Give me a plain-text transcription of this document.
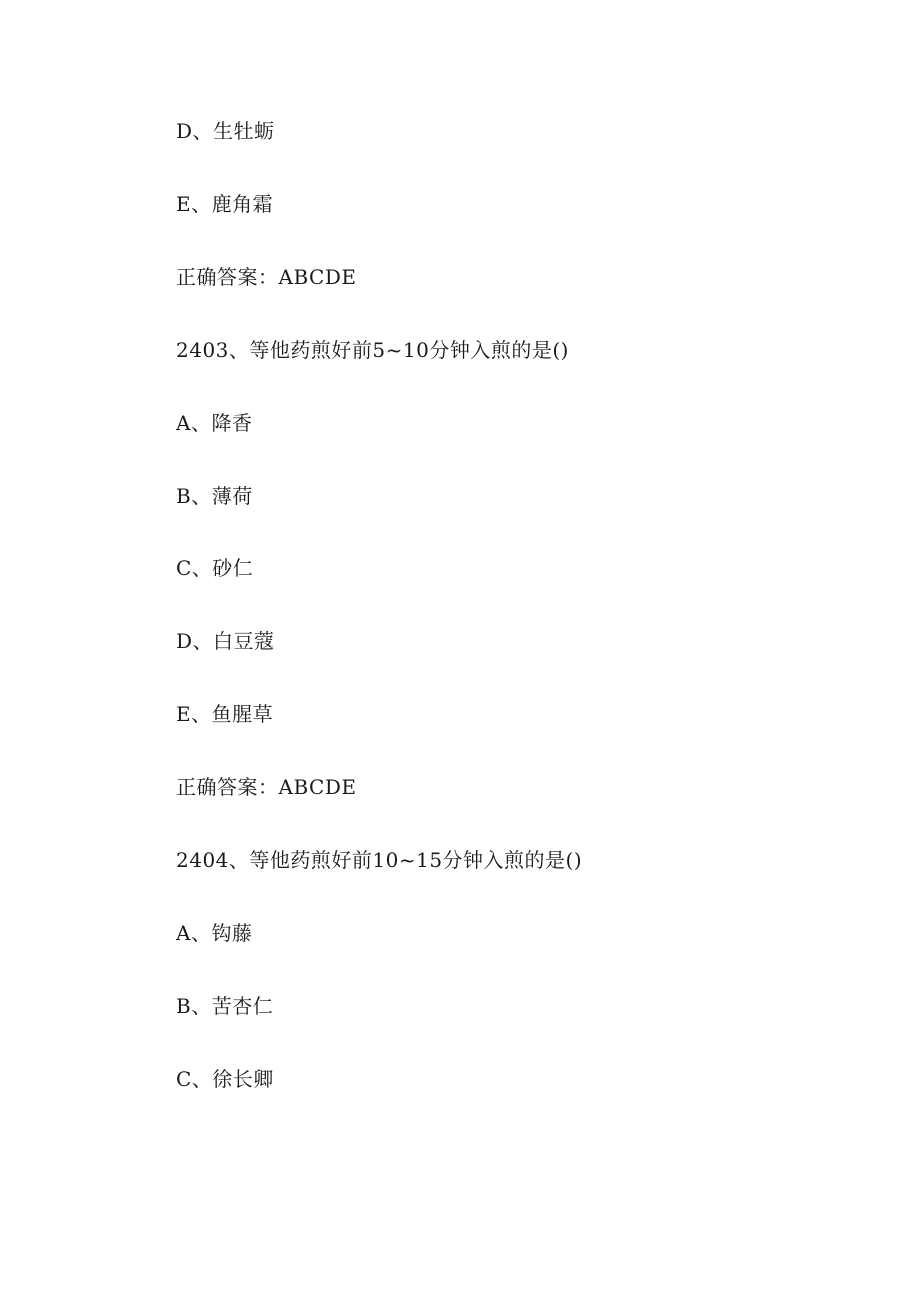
D、生牡蛎
E、鹿角霜
正确答案：ABCDE
2403、等他药煎好前5~10分钟入煎的是()
A、降香
B、薄荷
C、砂仁
D、白豆蔻
E、鱼腥草
正确答案：ABCDE
2404、等他药煎好前10~15分钟入煎的是()
A、钩藤
B、苦杏仁
C、徐长卿
